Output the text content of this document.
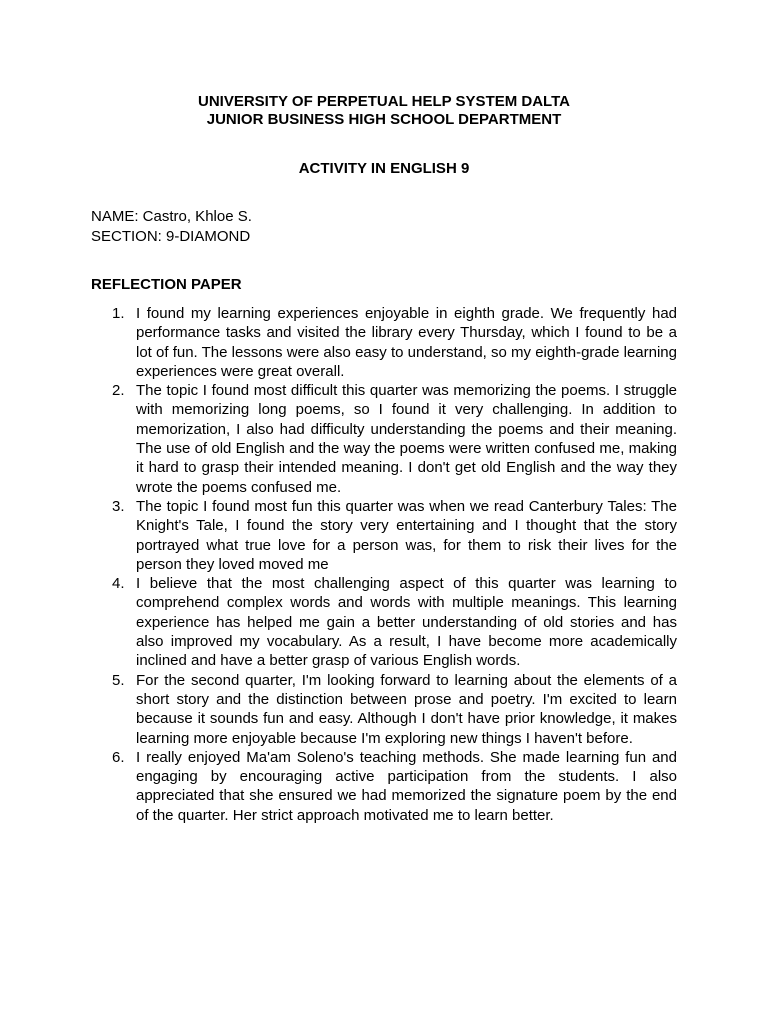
UNIVERSITY OF PERPETUAL HELP SYSTEM DALTA
JUNIOR BUSINESS HIGH SCHOOL DEPARTMENT
ACTIVITY IN ENGLISH 9
NAME: Castro, Khloe S.
SECTION: 9-DIAMOND
REFLECTION PAPER
1. I found my learning experiences enjoyable in eighth grade. We frequently had performance tasks and visited the library every Thursday, which I found to be a lot of fun. The lessons were also easy to understand, so my eighth-grade learning experiences were great overall.
2. The topic I found most difficult this quarter was memorizing the poems. I struggle with memorizing long poems, so I found it very challenging. In addition to memorization, I also had difficulty understanding the poems and their meaning. The use of old English and the way the poems were written confused me, making it hard to grasp their intended meaning. I don't get old English and the way they wrote the poems confused me.
3. The topic I found most fun this quarter was when we read Canterbury Tales: The Knight's Tale, I found the story very entertaining and I thought that the story portrayed what true love for a person was, for them to risk their lives for the person they loved moved me
4. I believe that the most challenging aspect of this quarter was learning to comprehend complex words and words with multiple meanings. This learning experience has helped me gain a better understanding of old stories and has also improved my vocabulary. As a result, I have become more academically inclined and have a better grasp of various English words.
5. For the second quarter, I'm looking forward to learning about the elements of a short story and the distinction between prose and poetry. I'm excited to learn because it sounds fun and easy. Although I don't have prior knowledge, it makes learning more enjoyable because I'm exploring new things I haven't before.
6. I really enjoyed Ma'am Soleno's teaching methods. She made learning fun and engaging by encouraging active participation from the students. I also appreciated that she ensured we had memorized the signature poem by the end of the quarter. Her strict approach motivated me to learn better.
